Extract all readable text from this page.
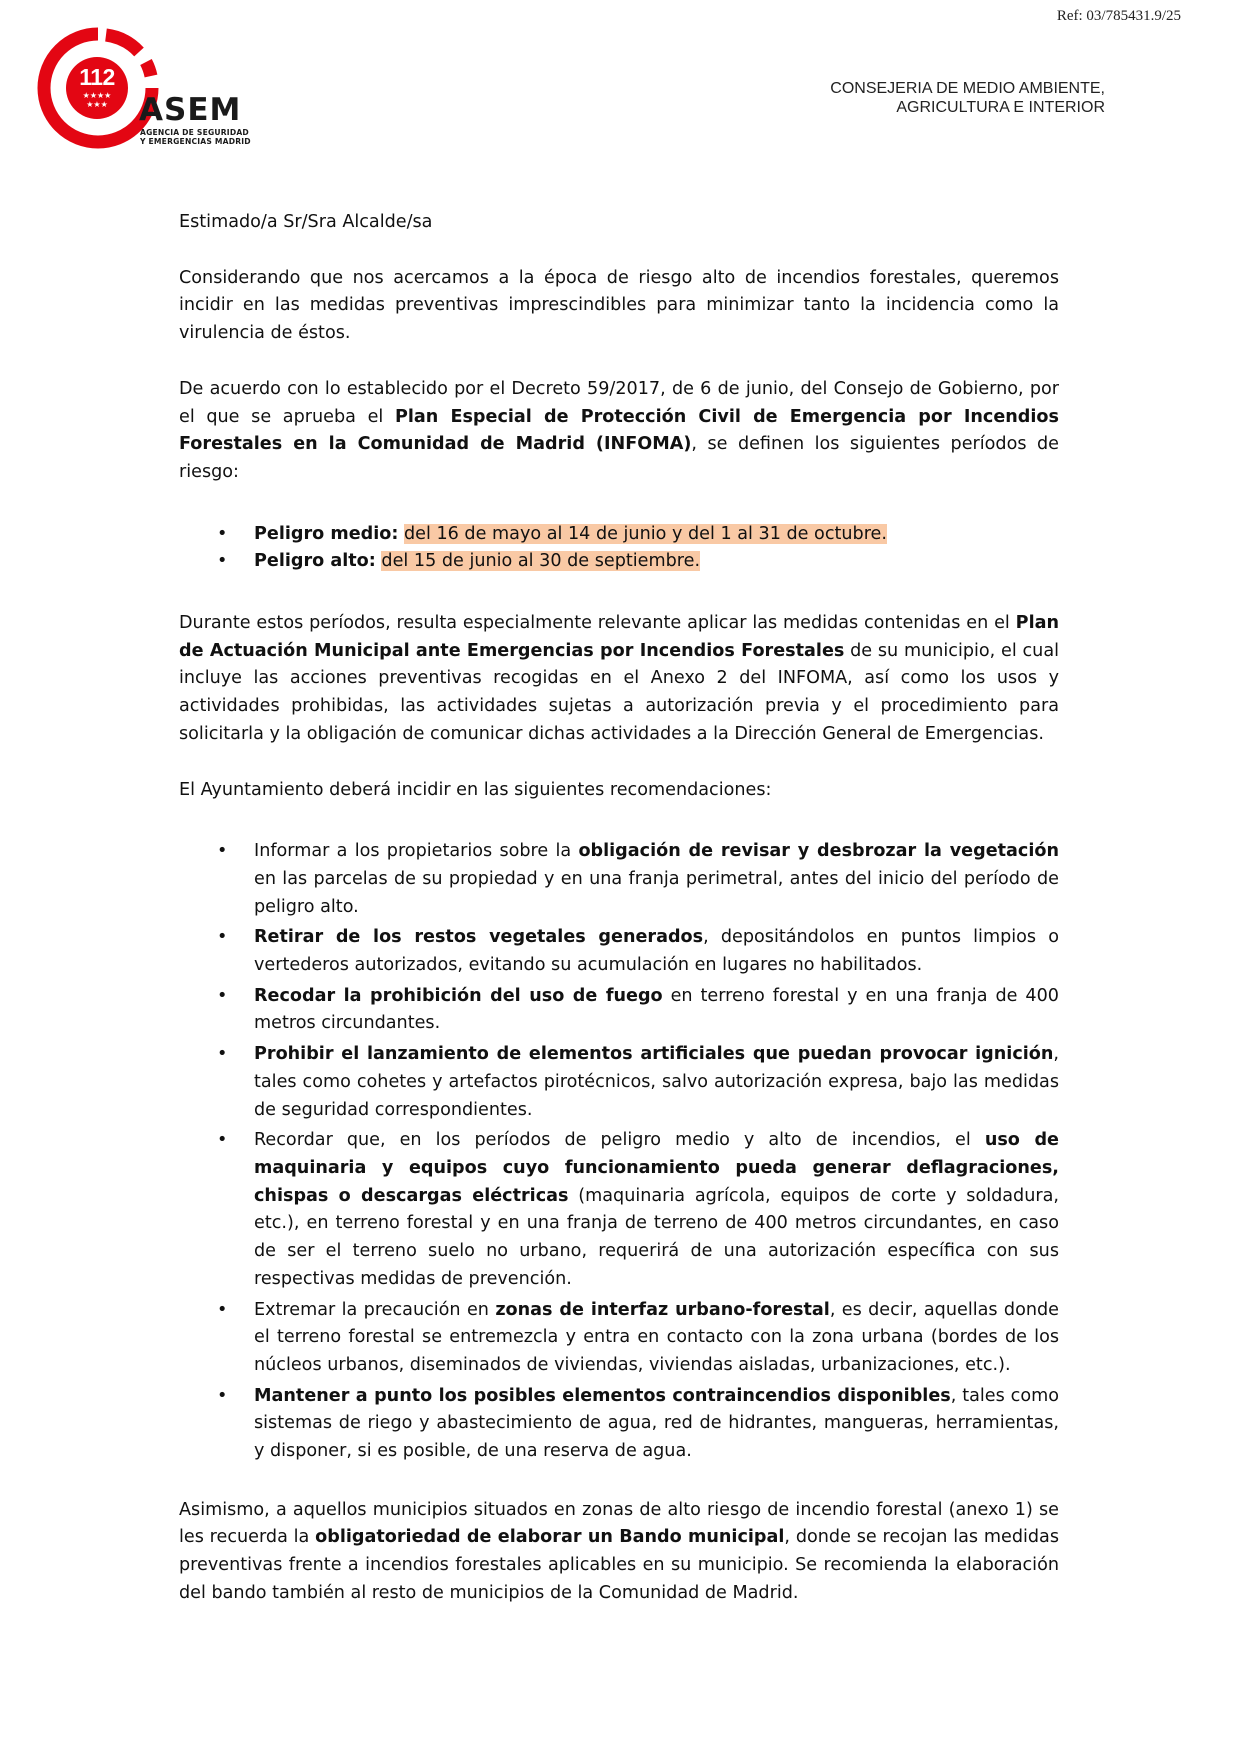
Ref: 03/785431.9/25
112
★★★★
★★★	ASEM
AGENCIA DE SEGURIDAD
Y EMERGENCIAS MADRID
CONSEJERIA DE MEDIO AMBIENTE,
AGRICULTURA E INTERIOR

Estimado/a Sr/Sra Alcalde/sa

Considerando que nos acercamos a la época de riesgo alto de incendios forestales, queremos incidir en las medidas preventivas imprescindibles para minimizar tanto la incidencia como la virulencia de éstos.

De acuerdo con lo establecido por el Decreto 59/2017, de 6 de junio, del Consejo de Gobierno, por el que se aprueba el Plan Especial de Protección Civil de Emergencia por Incendios Forestales en la Comunidad de Madrid (INFOMA), se definen los siguientes períodos de riesgo:

• Peligro medio: del 16 de mayo al 14 de junio y del 1 al 31 de octubre.
• Peligro alto: del 15 de junio al 30 de septiembre.

Durante estos períodos, resulta especialmente relevante aplicar las medidas contenidas en el Plan de Actuación Municipal ante Emergencias por Incendios Forestales de su municipio, el cual incluye las acciones preventivas recogidas en el Anexo 2 del INFOMA, así como los usos y actividades prohibidas, las actividades sujetas a autorización previa y el procedimiento para solicitarla y la obligación de comunicar dichas actividades a la Dirección General de Emergencias.

El Ayuntamiento deberá incidir en las siguientes recomendaciones:

• Informar a los propietarios sobre la obligación de revisar y desbrozar la vegetación en las parcelas de su propiedad y en una franja perimetral, antes del inicio del período de peligro alto.
• Retirar de los restos vegetales generados, depositándolos en puntos limpios o vertederos autorizados, evitando su acumulación en lugares no habilitados.
• Recodar la prohibición del uso de fuego en terreno forestal y en una franja de 400 metros circundantes.
• Prohibir el lanzamiento de elementos artificiales que puedan provocar ignición, tales como cohetes y artefactos pirotécnicos, salvo autorización expresa, bajo las medidas de seguridad correspondientes.
• Recordar que, en los períodos de peligro medio y alto de incendios, el uso de maquinaria y equipos cuyo funcionamiento pueda generar deflagraciones, chispas o descargas eléctricas (maquinaria agrícola, equipos de corte y soldadura, etc.), en terreno forestal y en una franja de terreno de 400 metros circundantes, en caso de ser el terreno suelo no urbano, requerirá de una autorización específica con sus respectivas medidas de prevención.
• Extremar la precaución en zonas de interfaz urbano-forestal, es decir, aquellas donde el terreno forestal se entremezcla y entra en contacto con la zona urbana (bordes de los núcleos urbanos, diseminados de viviendas, viviendas aisladas, urbanizaciones, etc.).
• Mantener a punto los posibles elementos contraincendios disponibles, tales como sistemas de riego y abastecimiento de agua, red de hidrantes, mangueras, herramientas, y disponer, si es posible, de una reserva de agua.

Asimismo, a aquellos municipios situados en zonas de alto riesgo de incendio forestal (anexo 1) se les recuerda la obligatoriedad de elaborar un Bando municipal, donde se recojan las medidas preventivas frente a incendios forestales aplicables en su municipio. Se recomienda la elaboración del bando también al resto de municipios de la Comunidad de Madrid.
